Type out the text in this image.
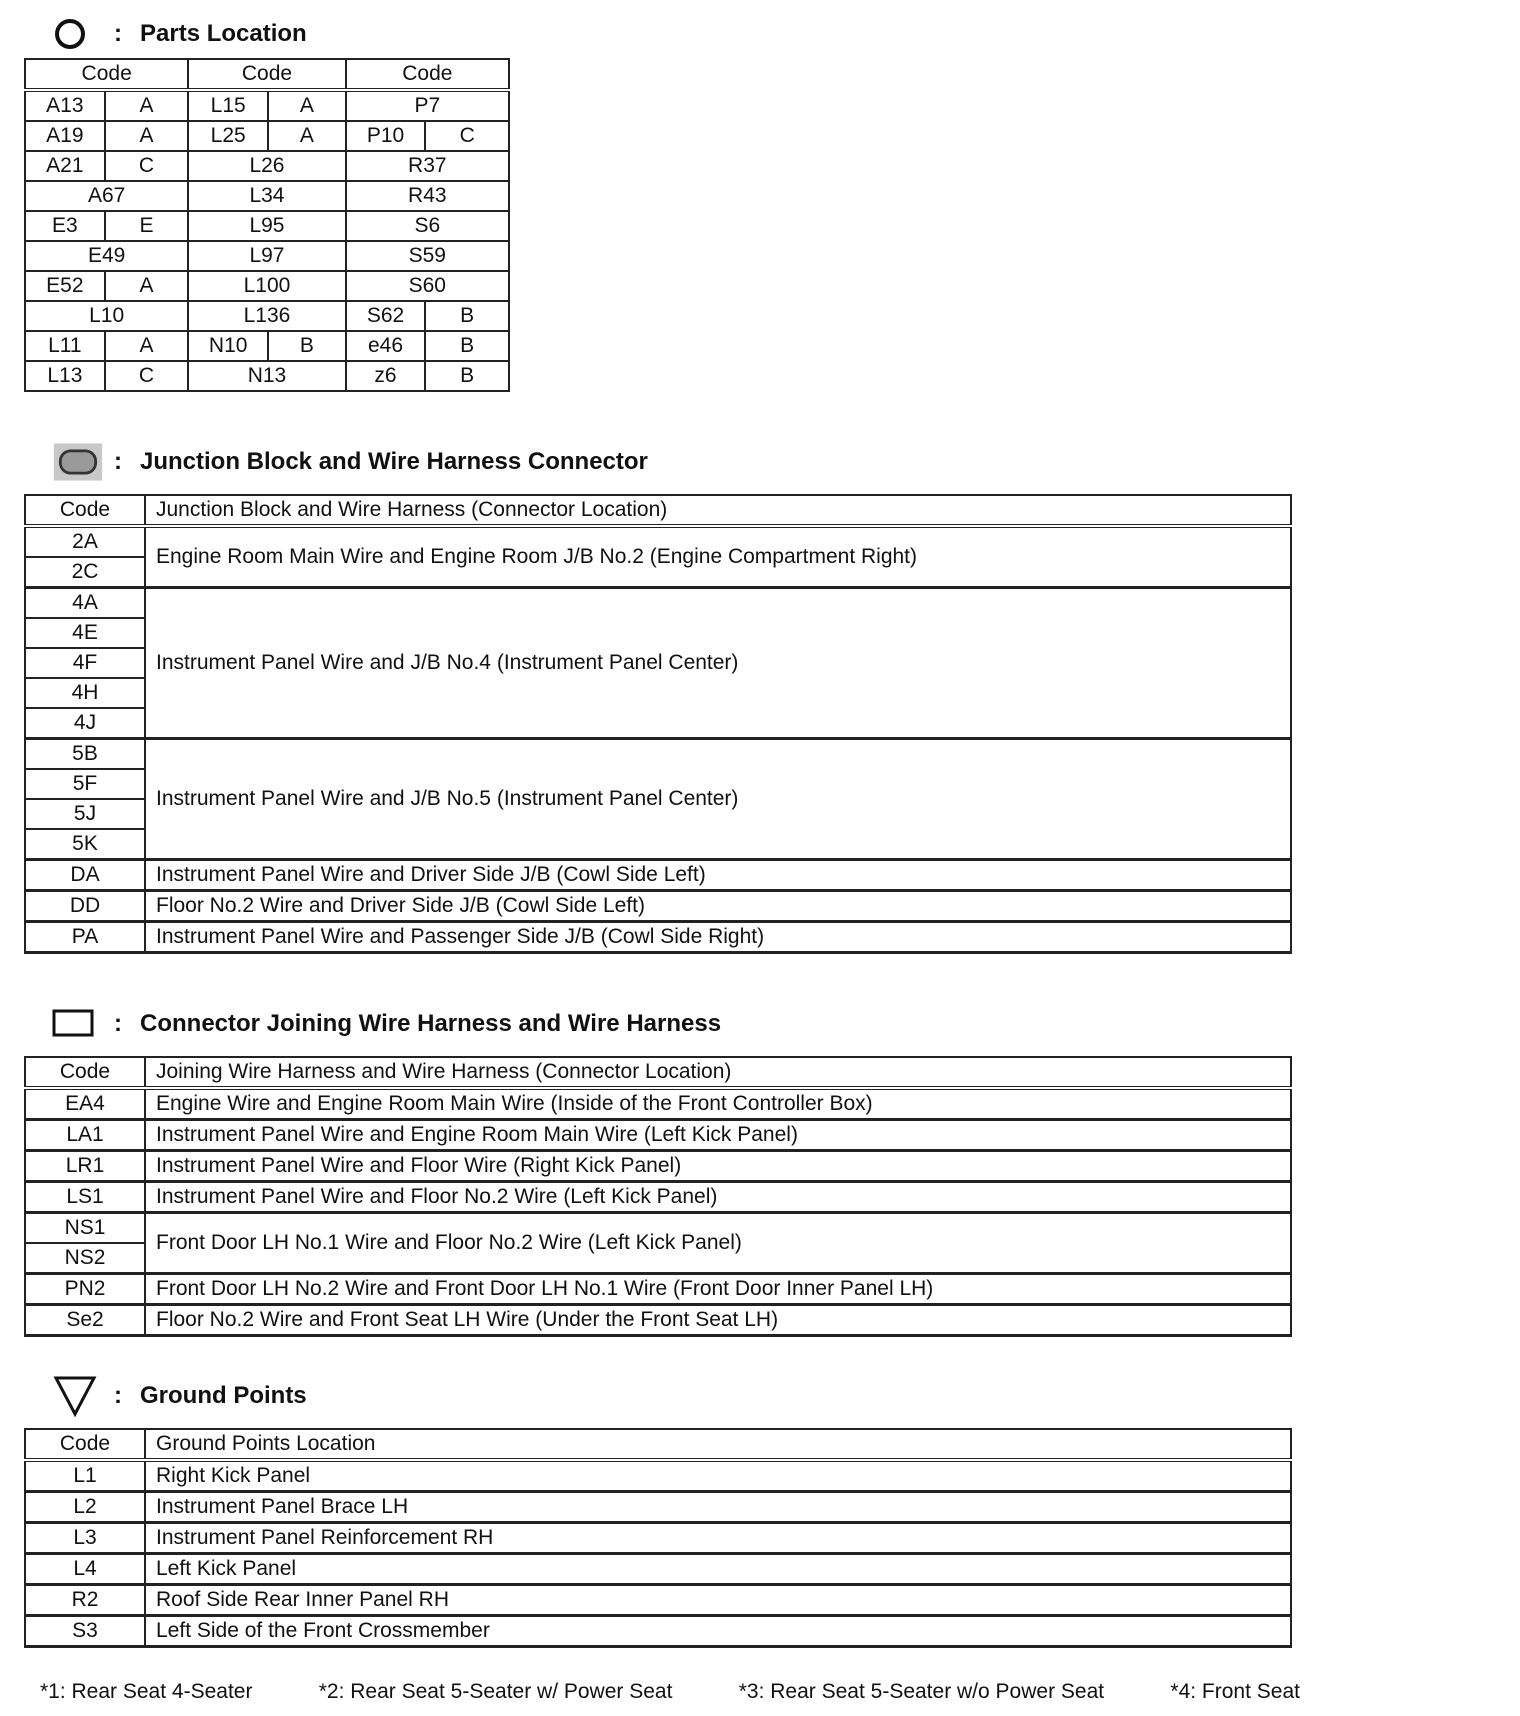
: Parts Location
Code		Code		Code	
A13	A	L15	A	P7	
A19	A	L25	A	P10	C
A21	C	L26		R37	
A67		L34		R43	
E3	E	L95		S6	
E49		L97		S59	
E52	A	L100		S60	
L10		L136		S62	B
L11	A	N10	B	e46	B
L13	C	N13		z6	B
: Junction Block and Wire Harness Connector
Code	Junction Block and Wire Harness (Connector Location)
2A	Engine Room Main Wire and Engine Room J/B No.2 (Engine Compartment Right)
2C	
4A	Instrument Panel Wire and J/B No.4 (Instrument Panel Center)
4E	
4F	
4H	
4J	
5B	Instrument Panel Wire and J/B No.5 (Instrument Panel Center)
5F	
5J	
5K	
DA	Instrument Panel Wire and Driver Side J/B (Cowl Side Left)
DD	Floor No.2 Wire and Driver Side J/B (Cowl Side Left)
PA	Instrument Panel Wire and Passenger Side J/B (Cowl Side Right)
: Connector Joining Wire Harness and Wire Harness
Code	Joining Wire Harness and Wire Harness (Connector Location)
EA4	Engine Wire and Engine Room Main Wire (Inside of the Front Controller Box)
LA1	Instrument Panel Wire and Engine Room Main Wire (Left Kick Panel)
LR1	Instrument Panel Wire and Floor Wire (Right Kick Panel)
LS1	Instrument Panel Wire and Floor No.2 Wire (Left Kick Panel)
NS1	Front Door LH No.1 Wire and Floor No.2 Wire (Left Kick Panel)
NS2	
PN2	Front Door LH No.2 Wire and Front Door LH No.1 Wire (Front Door Inner Panel LH)
Se2	Floor No.2 Wire and Front Seat LH Wire (Under the Front Seat LH)
: Ground Points
Code	Ground Points Location
L1	Right Kick Panel
L2	Instrument Panel Brace LH
L3	Instrument Panel Reinforcement RH
L4	Left Kick Panel
R2	Roof Side Rear Inner Panel RH
S3	Left Side of the Front Crossmember
*1: Rear Seat 4-Seater	*2: Rear Seat 5-Seater w/ Power Seat	*3: Rear Seat 5-Seater w/o Power Seat	*4: Front Seat
